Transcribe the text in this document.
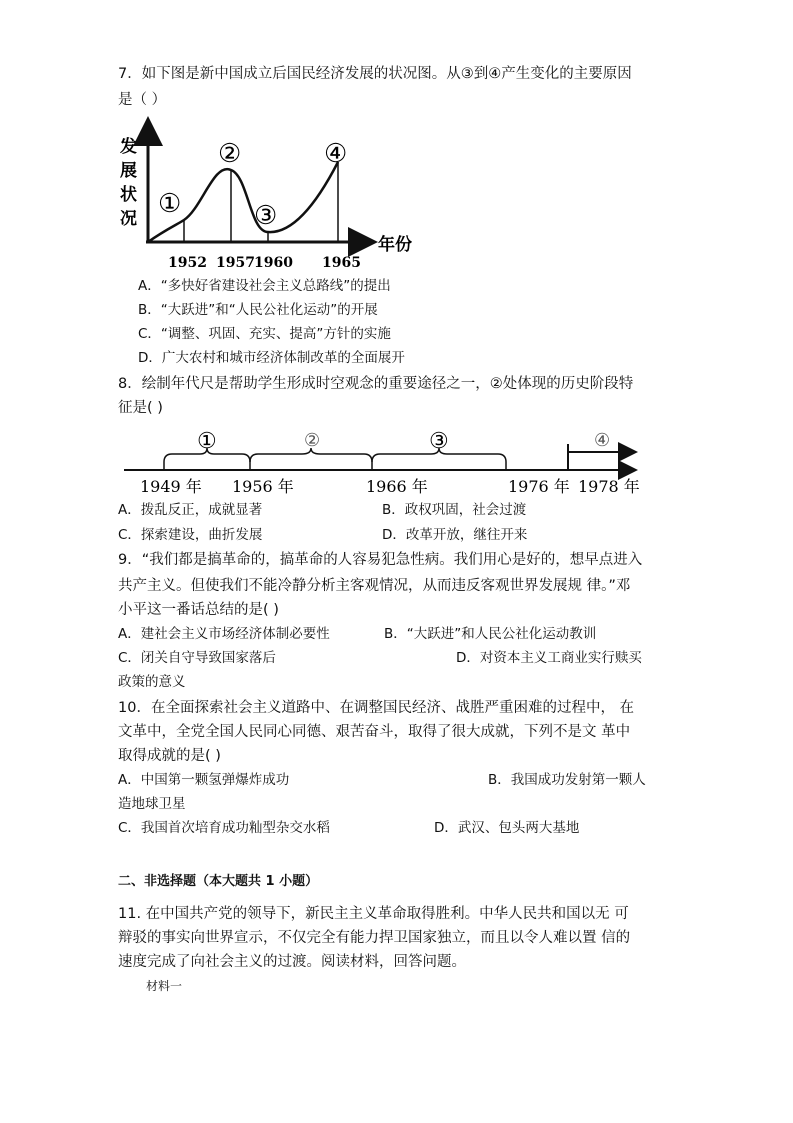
7．如下图是新中国成立后国民经济发展的状况图。从③到④产生变化的主要原因
是（ ）
发
展
状
况
年份
1952 1957 1960 1965
①
②
③
④
A．“多快好省建设社会主义总路线”的提出
B．“大跃进”和“人民公社化运动”的开展
C．“调整、巩固、充实、提高”方针的实施
D．广大农村和城市经济体制改革的全面展开
8．绘制年代尺是帮助学生形成时空观念的重要途径之一，②处体现的历史阶段特
征是( )
①	②	③	④
1949 年 1956 年	1966 年	1976 年 1978 年
A．拨乱反正，成就显著	B．政权巩固，社会过渡
C．探索建设，曲折发展	D．改革开放，继往开来
9．“我们都是搞革命的，搞革命的人容易犯急性病。我们用心是好的，想早点进入
共产主义。但使我们不能冷静分析主客观情况，从而违反客观世界发展规 律。”邓
小平这一番话总结的是( )
A．建社会主义市场经济体制必要性	B．“大跃进”和人民公社化运动教训
C．闭关自守导致国家落后	D．对资本主义工商业实行赎买
政策的意义
10．在全面探索社会主义道路中、在调整国民经济、战胜严重困难的过程中， 在
文革中，全党全国人民同心同德、艰苦奋斗，取得了很大成就，下列不是文 革中
取得成就的是( )
A．中国第一颗氢弹爆炸成功	B．我国成功发射第一颗人
造地球卫星
C．我国首次培育成功籼型杂交水稻	D．武汉、包头两大基地
二、非选择题（本大题共 1 小题）
11. 在中国共产党的领导下，新民主主义革命取得胜利。中华人民共和国以无 可
辩驳的事实向世界宣示，不仅完全有能力捍卫国家独立，而且以令人难以置 信的
速度完成了向社会主义的过渡。阅读材料，回答问题。
材料一
